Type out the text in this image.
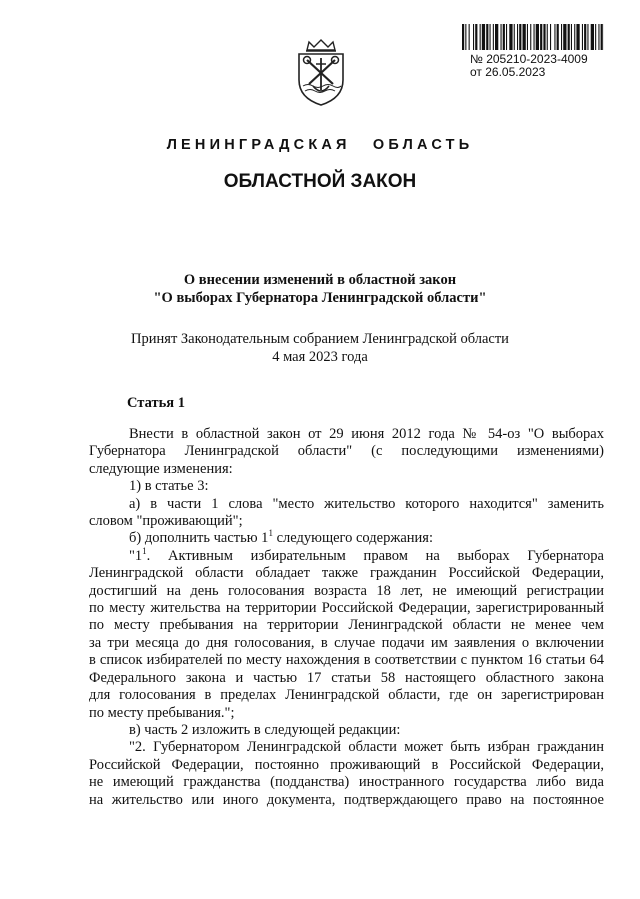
№ 205210-2023-4009
от 26.05.2023
ЛЕНИНГРАДСКАЯ ОБЛАСТЬ
ОБЛАСТНОЙ ЗАКОН
О внесении изменений в областной закон
"О выборах Губернатора Ленинградской области"
Принят Законодательным собранием Ленинградской области
4 мая 2023 года
Статья 1

Внести в областной закон от 29 июня 2012 года № 54-оз "О выборах

Губернатора Ленинградской области" (с последующими изменениями)

следующие изменения:

1) в статье 3:

а) в части 1 слова "место жительство которого находится" заменить

словом "проживающий";

б) дополнить частью $1^1$ следующего содержания:

"$1^1$. Активным избирательным правом на выборах Губернатора

Ленинградской области обладает также гражданин Российской Федерации,

достигший на день голосования возраста 18 лет, не имеющий регистрации

по месту жительства на территории Российской Федерации, зарегистрированный

по месту пребывания на территории Ленинградской области не менее чем

за три месяца до дня голосования, в случае подачи им заявления о включении

в список избирателей по месту нахождения в соответствии с пунктом 16 статьи 64

Федерального закона и частью 17 статьи 58 настоящего областного закона

для голосования в пределах Ленинградской области, где он зарегистрирован

по месту пребывания.";

в) часть 2 изложить в следующей редакции:

"2. Губернатором Ленинградской области может быть избран гражданин

Российской Федерации, постоянно проживающий в Российской Федерации,

не имеющий гражданства (подданства) иностранного государства либо вида

на жительство или иного документа, подтверждающего право на постоянное
